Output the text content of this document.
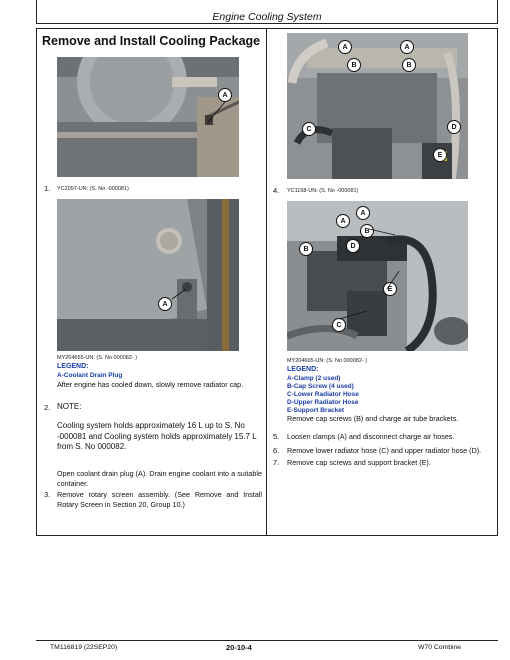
Engine Cooling System
Remove and Install Cooling Package
A
1. YC2097-UN: (S. No -000081)
A
MY204655-UN: (S. No 000082- )
LEGEND:
A-Coolant Drain Plug
After engine has cooled down, slowly remove radiator cap.
2. NOTE:
Cooling system holds approximately 16 L up to S. No -000081 and Cooling system holds approximately 15.7 L from S. No 000082.
Open coolant drain plug (A). Drain engine coolant into a suitable container.
3. Remove rotary screen assembly. (See Remove and Install Rotary Screen in Section 20, Group 10.)
A	A
B	B
C	D
E
4. YC1158-UN: (S. No -000081)
A
A
B
B	D
E
C
MY204665-UN: (S. No 000082- )
LEGEND:
A-Clamp (2 used)
B-Cap Screw (4 used)
C-Lower Radiator Hose
D-Upper Radiator Hose
E-Support Bracket
Remove cap screws (B) and charge air tube brackets.
5. Loosen clamps (A) and disconnect charge air hoses.
6. Remove lower radiator hose (C) and upper radiator hose (D).
7. Remove cap screws and support bracket (E).
TM116819 (22SEP20)	20-10-4	W70 Combine
